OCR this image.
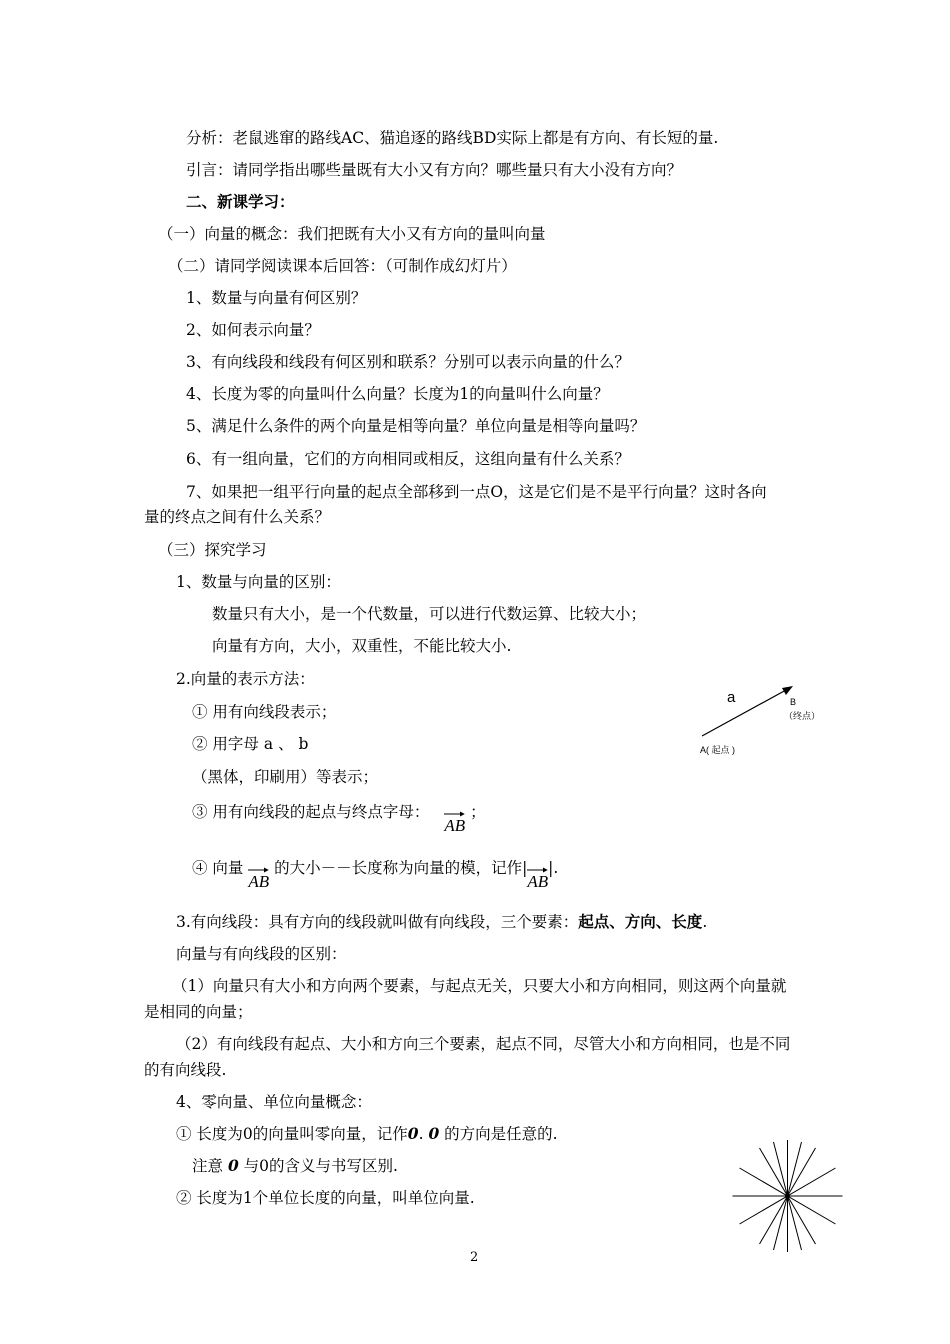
分析：老鼠逃窜的路线AC、猫追逐的路线BD实际上都是有方向、有长短的量.
引言：请同学指出哪些量既有大小又有方向？哪些量只有大小没有方向？
二、新课学习：
（一）向量的概念：我们把既有大小又有方向的量叫向量
（二）请同学阅读课本后回答：（可制作成幻灯片）
1、数量与向量有何区别？
2、如何表示向量？
3、有向线段和线段有何区别和联系？分别可以表示向量的什么？
4、长度为零的向量叫什么向量？长度为1的向量叫什么向量？
5、满足什么条件的两个向量是相等向量？单位向量是相等向量吗？
6、有一组向量，它们的方向相同或相反，这组向量有什么关系？
7、如果把一组平行向量的起点全部移到一点O，这是它们是不是平行向量？这时各向
量的终点之间有什么关系？
（三）探究学习
1、数量与向量的区别：
数量只有大小，是一个代数量，可以进行代数运算、比较大小；
向量有方向，大小，双重性，不能比较大小.
2.向量的表示方法：
① 用有向线段表示；
② 用字母 a 、 b
（黑体，印刷用）等表示；
③ 用有向线段的起点与终点字母：
AB ；
④ 向量
AB 的大小－－长度称为向量的模，记作|
AB|.
3.有向线段：具有方向的线段就叫做有向线段，三个要素：起点、方向、长度.
向量与有向线段的区别：
（1）向量只有大小和方向两个要素，与起点无关，只要大小和方向相同，则这两个向量就
是相同的向量；
（2）有向线段有起点、大小和方向三个要素，起点不同，尽管大小和方向相同，也是不同
的有向线段.
4、零向量、单位向量概念：
① 长度为0的向量叫零向量，记作0. 0 的方向是任意的.
注意 0 与0的含义与书写区别.
② 长度为1个单位长度的向量，叫单位向量.
2
a	B
（终点）
A( 起点 )
